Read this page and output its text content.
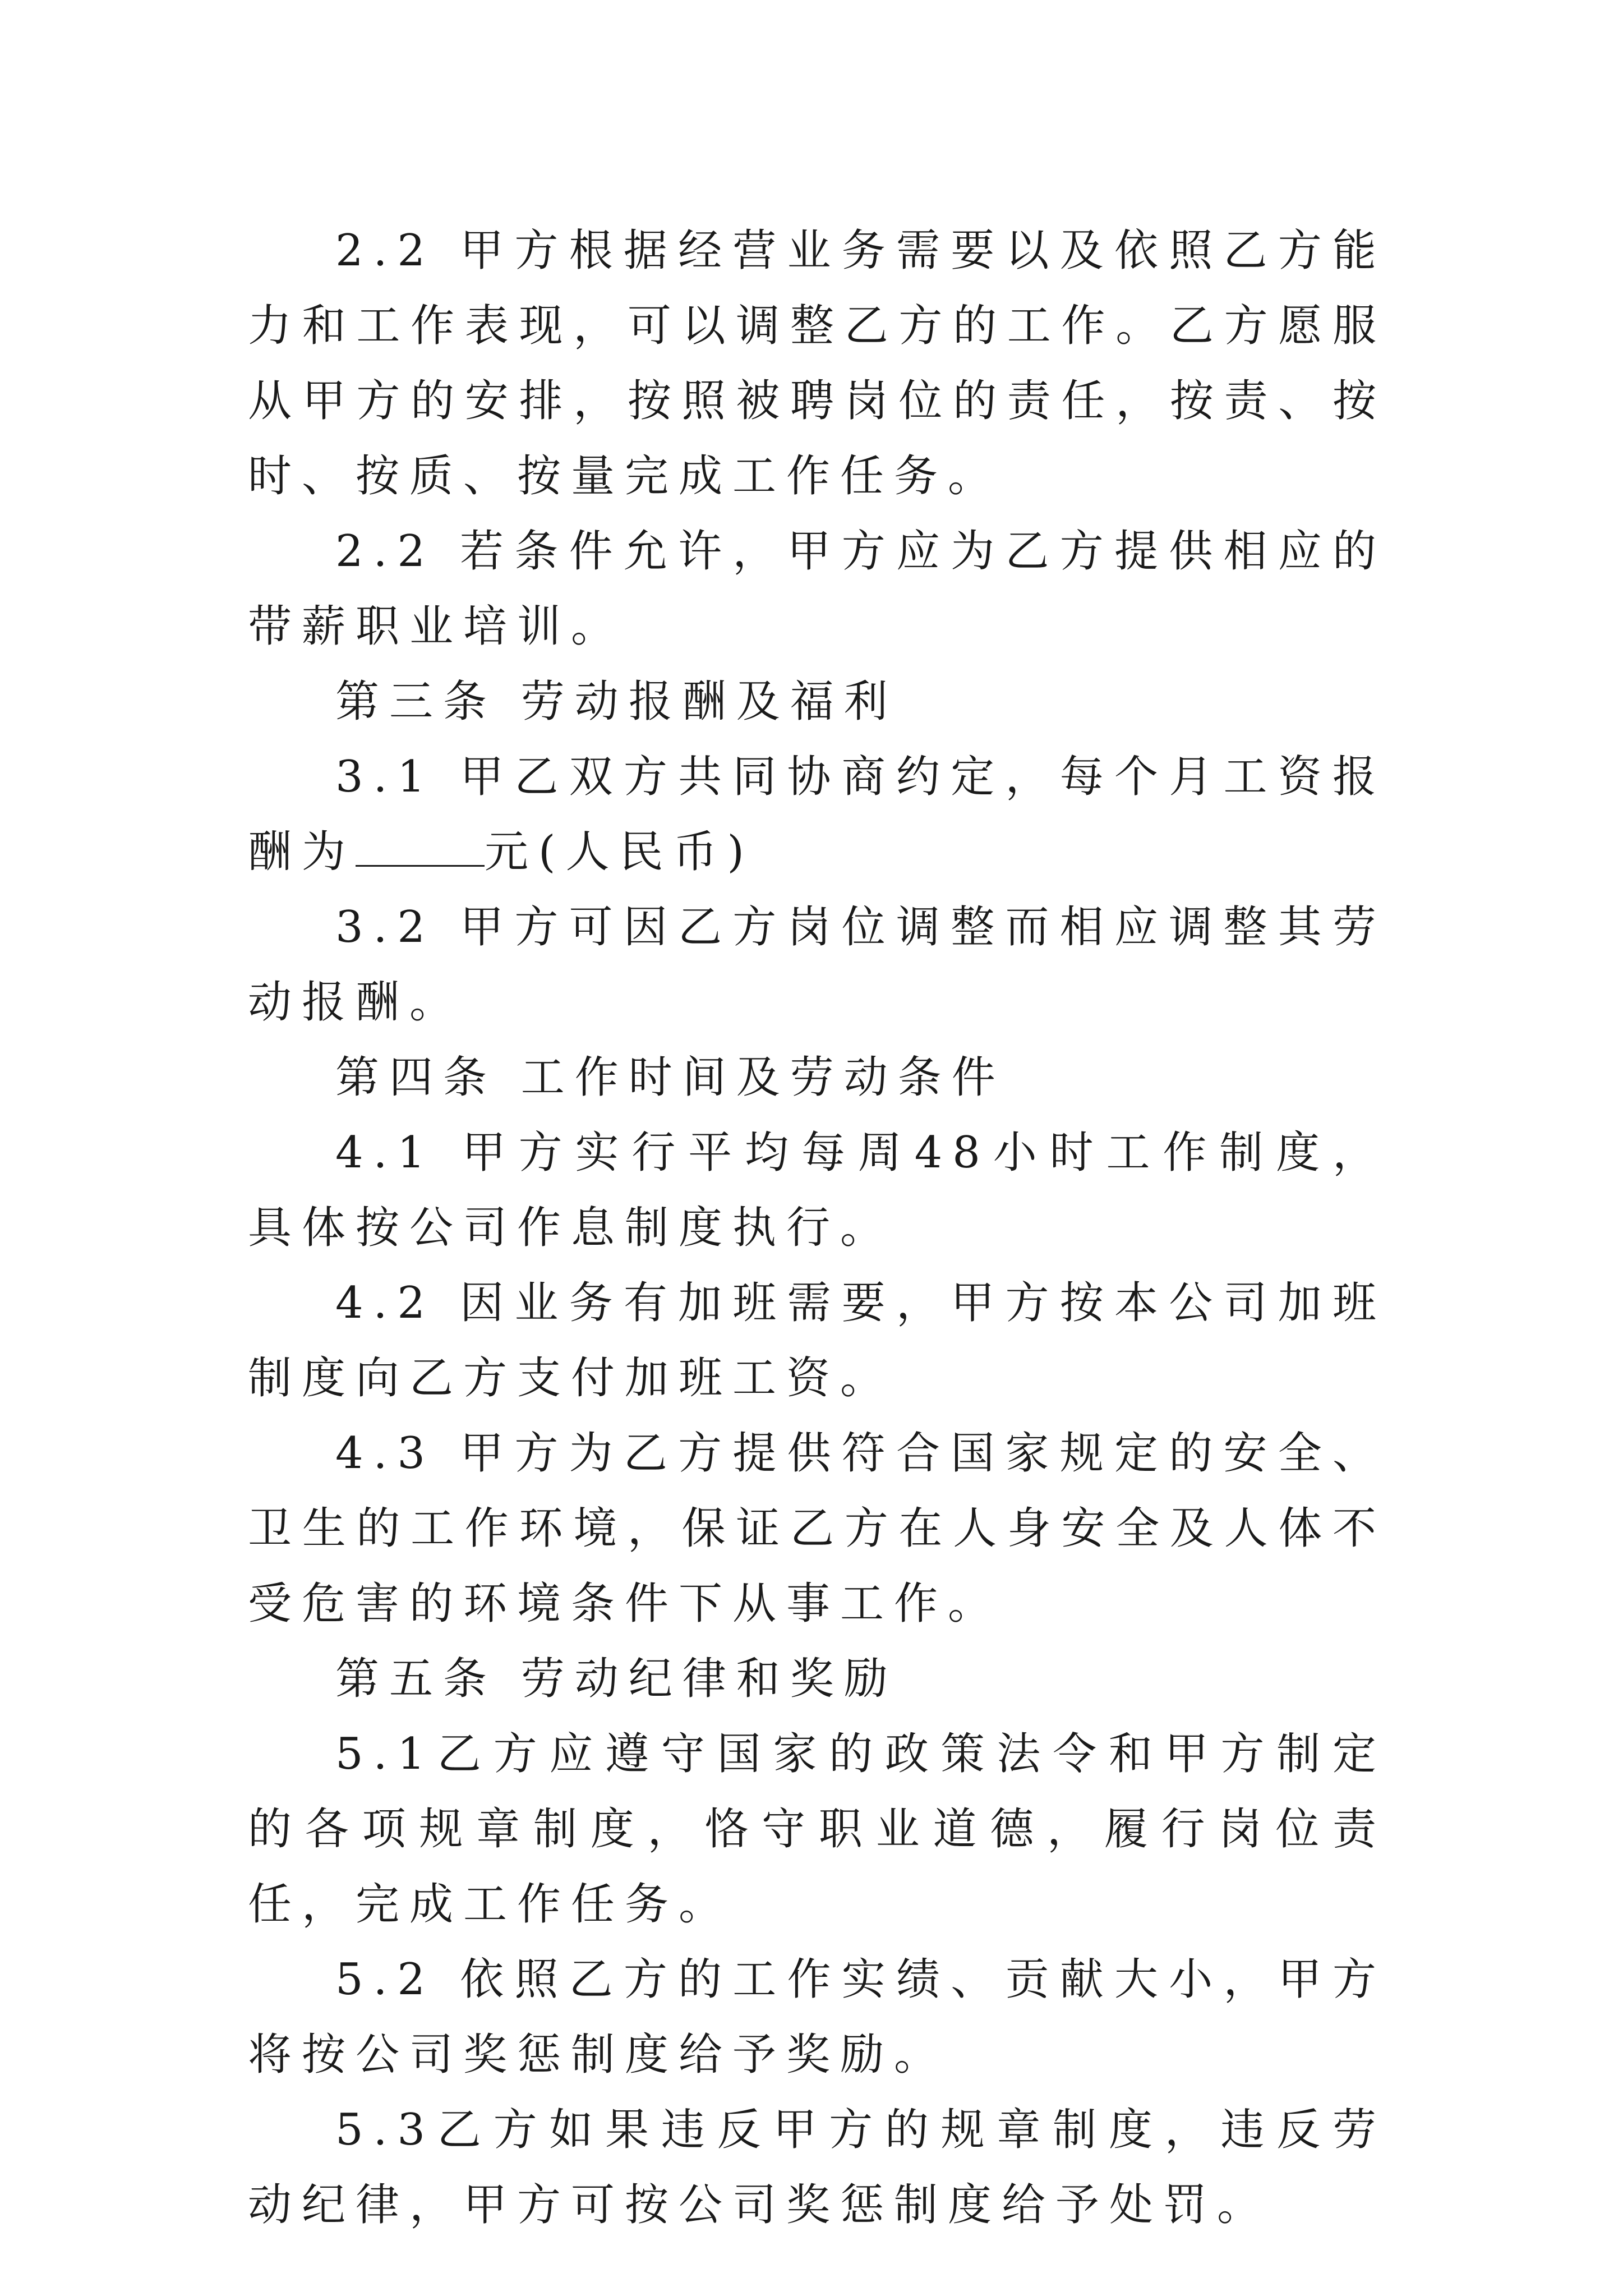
2.2 甲方根据经营业务需要以及依照乙方能力和工作表现，可以调整乙方的工作。乙方愿服从甲方的安排，按照被聘岗位的责任，按责、按时、按质、按量完成工作任务。

2.2 若条件允许，甲方应为乙方提供相应的带薪职业培训。

第三条 劳动报酬及福利

3.1 甲乙双方共同协商约定，每个月工资报酬为	元(人民币)

3.2 甲方可因乙方岗位调整而相应调整其劳动报酬。

第四条 工作时间及劳动条件

4.1 甲方实行平均每周48小时工作制度，具体按公司作息制度执行。

4.2 因业务有加班需要，甲方按本公司加班制度向乙方支付加班工资。

4.3 甲方为乙方提供符合国家规定的安全、卫生的工作环境，保证乙方在人身安全及人体不受危害的环境条件下从事工作。

第五条 劳动纪律和奖励

5.1乙方应遵守国家的政策法令和甲方制定的各项规章制度，恪守职业道德，履行岗位责任，完成工作任务。

5.2 依照乙方的工作实绩、贡献大小，甲方将按公司奖惩制度给予奖励。

5.3乙方如果违反甲方的规章制度，违反劳动纪律，甲方可按公司奖惩制度给予处罚。
